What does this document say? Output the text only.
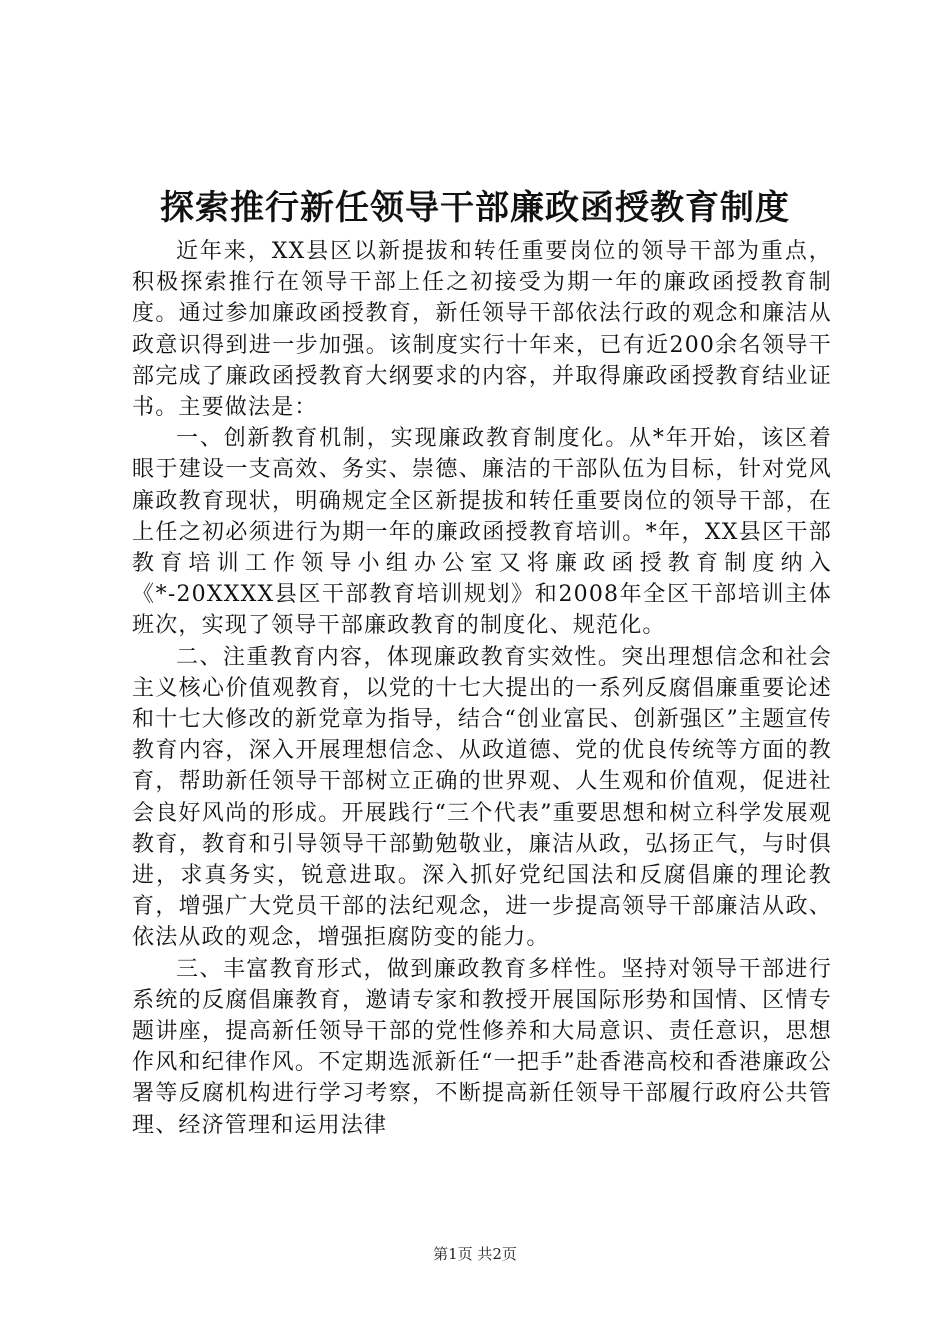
探索推行新任领导干部廉政函授教育制度

近年来，XX县区以新提拔和转任重要岗位的领导干部为重点，积极探索推行在领导干部上任之初接受为期一年的廉政函授教育制度。通过参加廉政函授教育，新任领导干部依法行政的观念和廉洁从政意识得到进一步加强。该制度实行十年来，已有近200余名领导干部完成了廉政函授教育大纲要求的内容，并取得廉政函授教育结业证书。主要做法是：

一、创新教育机制，实现廉政教育制度化。从*年开始，该区着眼于建设一支高效、务实、崇德、廉洁的干部队伍为目标，针对党风廉政教育现状，明确规定全区新提拔和转任重要岗位的领导干部，在上任之初必须进行为期一年的廉政函授教育培训。*年，XX县区干部教育培训工作领导小组办公室又将廉政函授教育制度纳入《*-20XXXX县区干部教育培训规划》和2008年全区干部培训主体班次，实现了领导干部廉政教育的制度化、规范化。

二、注重教育内容，体现廉政教育实效性。突出理想信念和社会主义核心价值观教育，以党的十七大提出的一系列反腐倡廉重要论述和十七大修改的新党章为指导，结合“创业富民、创新强区”主题宣传教育内容，深入开展理想信念、从政道德、党的优良传统等方面的教育，帮助新任领导干部树立正确的世界观、人生观和价值观，促进社会良好风尚的形成。开展践行“三个代表”重要思想和树立科学发展观教育，教育和引导领导干部勤勉敬业，廉洁从政，弘扬正气，与时俱进，求真务实，锐意进取。深入抓好党纪国法和反腐倡廉的理论教育，增强广大党员干部的法纪观念，进一步提高领导干部廉洁从政、依法从政的观念，增强拒腐防变的能力。

三、丰富教育形式，做到廉政教育多样性。坚持对领导干部进行系统的反腐倡廉教育，邀请专家和教授开展国际形势和国情、区情专题讲座，提高新任领导干部的党性修养和大局意识、责任意识，思想作风和纪律作风。不定期选派新任“一把手”赴香港高校和香港廉政公署等反腐机构进行学习考察，不断提高新任领导干部履行政府公共管理、经济管理和运用法律

第1页 共2页
